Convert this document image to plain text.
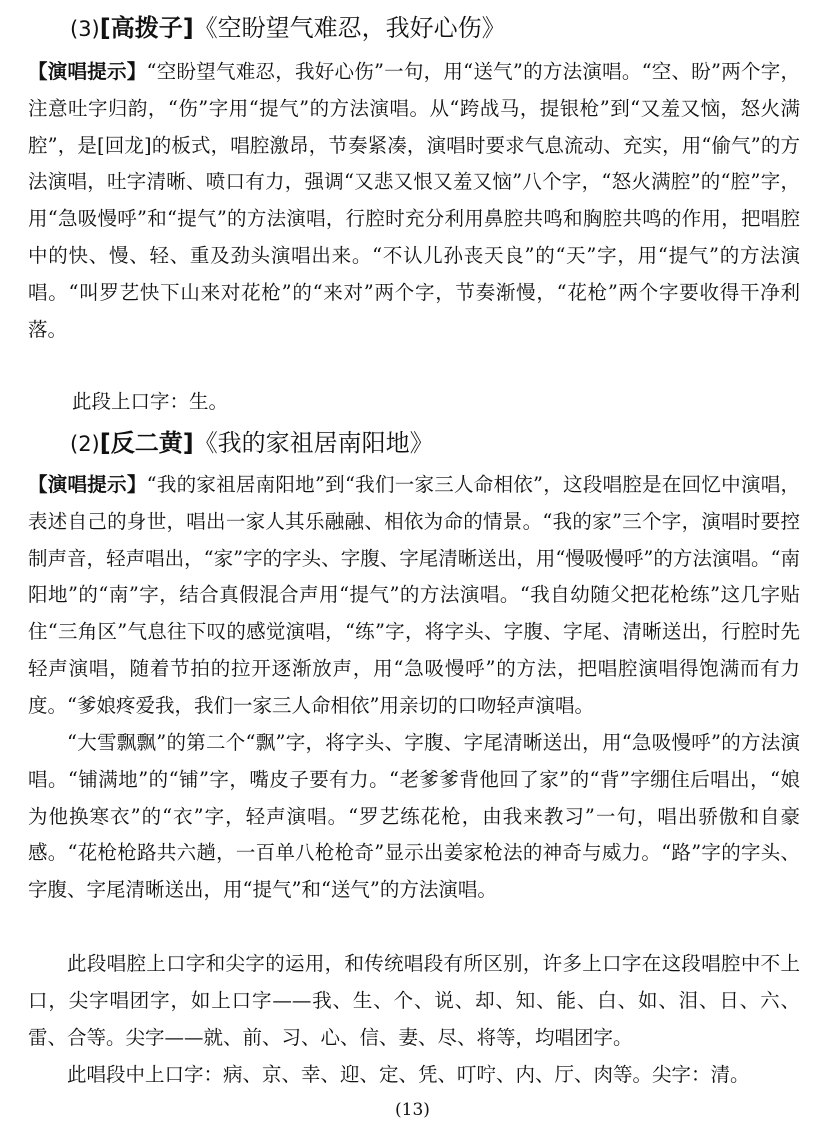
(3)[高拨子]《空盼望气难忍，我好心伤》

【演唱提示】“空盼望气难忍，我好心伤”一句，用“送气”的方法演唱。“空、盼”两个字，注意吐字归韵，“伤”字用“提气”的方法演唱。从“跨战马，提银枪”到“又羞又恼，怒火满腔”，是[回龙]的板式，唱腔激昂，节奏紧凑，演唱时要求气息流动、充实，用“偷气”的方法演唱，吐字清晰、喷口有力，强调“又悲又恨又羞又恼”八个字，“怒火满腔”的“腔”字，用“急吸慢呼”和“提气”的方法演唱，行腔时充分利用鼻腔共鸣和胸腔共鸣的作用，把唱腔中的快、慢、轻、重及劲头演唱出来。“不认儿孙丧天良”的“天”字，用“提气”的方法演唱。“叫罗艺快下山来对花枪”的“来对”两个字，节奏渐慢，“花枪”两个字要收得干净利落。

此段上口字：生。
(2)[反二黄]《我的家祖居南阳地》

【演唱提示】“我的家祖居南阳地”到“我们一家三人命相依”，这段唱腔是在回忆中演唱，表述自己的身世，唱出一家人其乐融融、相依为命的情景。“我的家”三个字，演唱时要控制声音，轻声唱出，“家”字的字头、字腹、字尾清晰送出，用“慢吸慢呼”的方法演唱。“南阳地”的“南”字，结合真假混合声用“提气”的方法演唱。“我自幼随父把花枪练”这几字贴住“三角区”气息往下叹的感觉演唱，“练”字，将字头、字腹、字尾、清晰送出，行腔时先轻声演唱，随着节拍的拉开逐渐放声，用“急吸慢呼”的方法，把唱腔演唱得饱满而有力度。“爹娘疼爱我，我们一家三人命相依”用亲切的口吻轻声演唱。

“大雪飘飘”的第二个“飘”字，将字头、字腹、字尾清晰送出，用“急吸慢呼”的方法演唱。“铺满地”的“铺”字，嘴皮子要有力。“老爹爹背他回了家”的“背”字绷住后唱出，“娘为他换寒衣”的“衣”字，轻声演唱。“罗艺练花枪，由我来教习”一句，唱出骄傲和自豪感。“花枪枪路共六趟，一百单八枪枪奇”显示出姜家枪法的神奇与威力。“路”字的字头、字腹、字尾清晰送出，用“提气”和“送气”的方法演唱。

此段唱腔上口字和尖字的运用，和传统唱段有所区别，许多上口字在这段唱腔中不上口，尖字唱团字，如上口字——我、生、个、说、却、知、能、白、如、泪、日、六、雷、合等。尖字——就、前、习、心、信、妻、尽、将等，均唱团字。

此唱段中上口字：病、京、幸、迎、定、凭、叮咛、内、厅、肉等。尖字：清。

(13)
